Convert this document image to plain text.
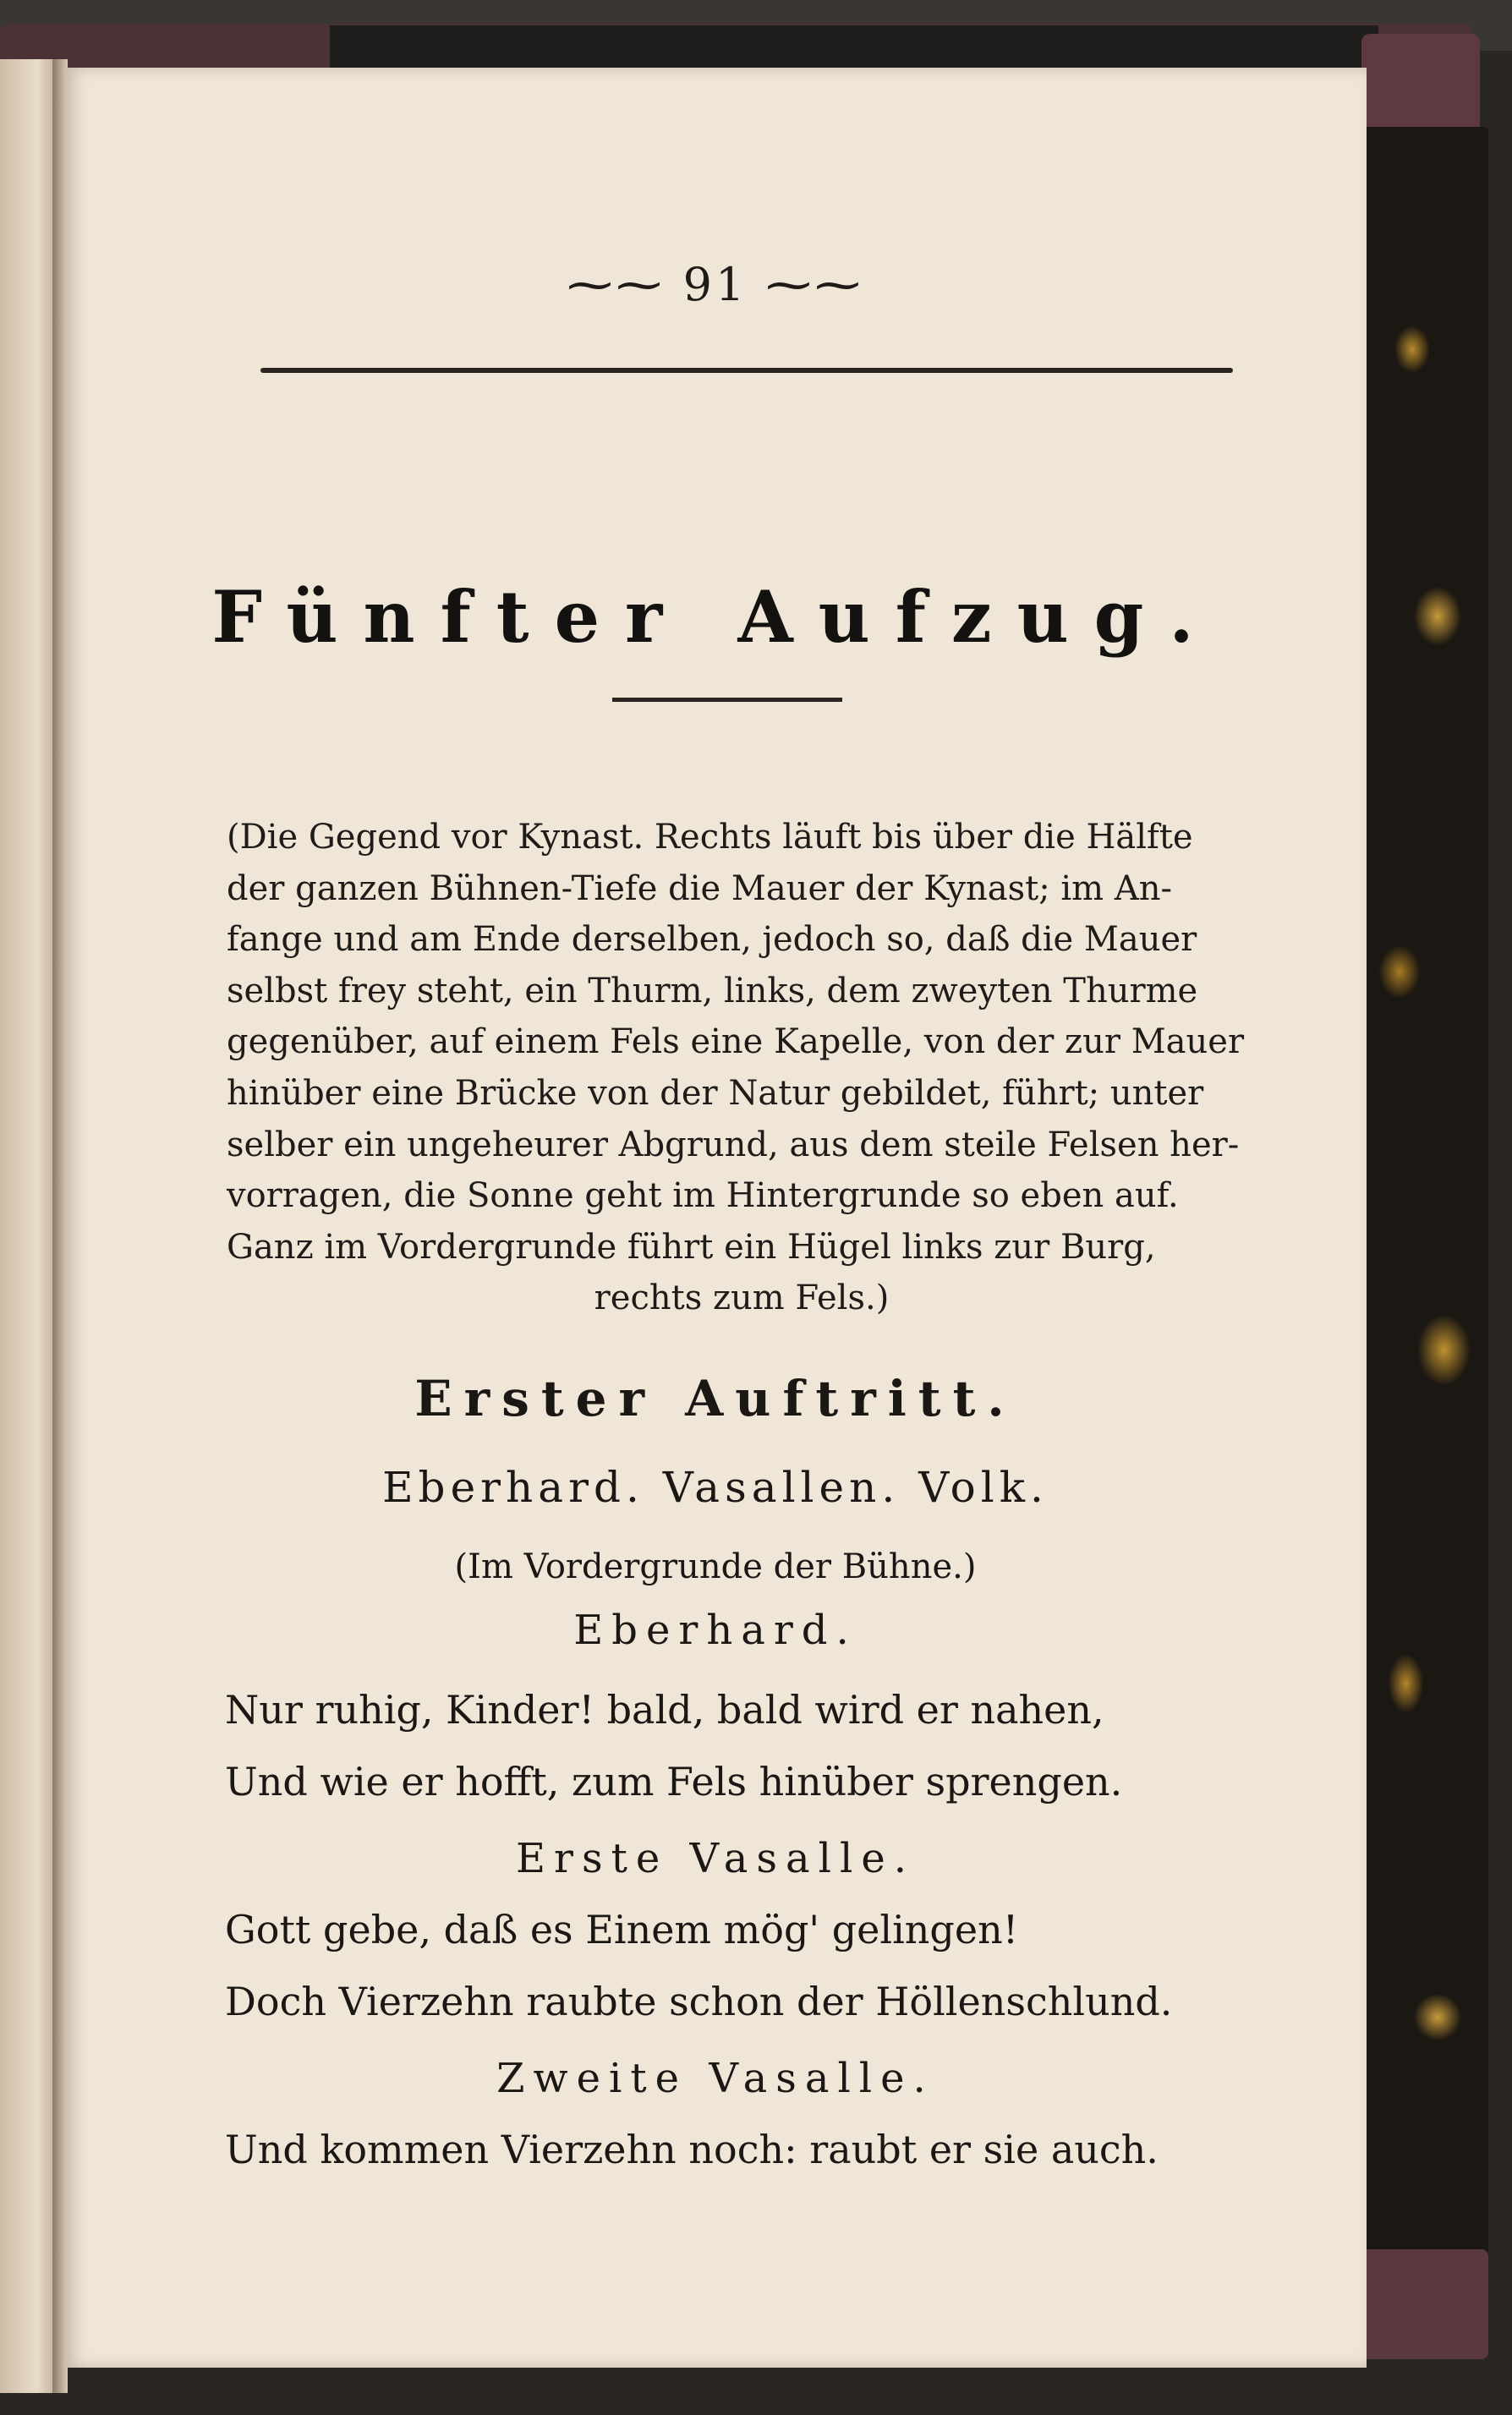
⁓⁓ 91 ⁓⁓
Fünfter Aufzug.
(Die Gegend vor Kynast. Rechts läuft bis über die Hälfte
der ganzen Bühnen-Tiefe die Mauer der Kynast; im An-
fange und am Ende derselben, jedoch so, daß die Mauer
selbst frey steht, ein Thurm, links, dem zweyten Thurme
gegenüber, auf einem Fels eine Kapelle, von der zur Mauer
hinüber eine Brücke von der Natur gebildet, führt; unter
selber ein ungeheurer Abgrund, aus dem steile Felsen her-
vorragen, die Sonne geht im Hintergrunde so eben auf.
Ganz im Vordergrunde führt ein Hügel links zur Burg,
rechts zum Fels.)
Erster Auftritt.
Eberhard. Vasallen. Volk.
(Im Vordergrunde der Bühne.)
Eberhard.
Nur ruhig, Kinder! bald, bald wird er nahen,
Und wie er hofft, zum Fels hinüber sprengen.
Erste Vasalle.
Gott gebe, daß es Einem mög' gelingen!
Doch Vierzehn raubte schon der Höllenschlund.
Zweite Vasalle.
Und kommen Vierzehn noch: raubt er sie auch.
